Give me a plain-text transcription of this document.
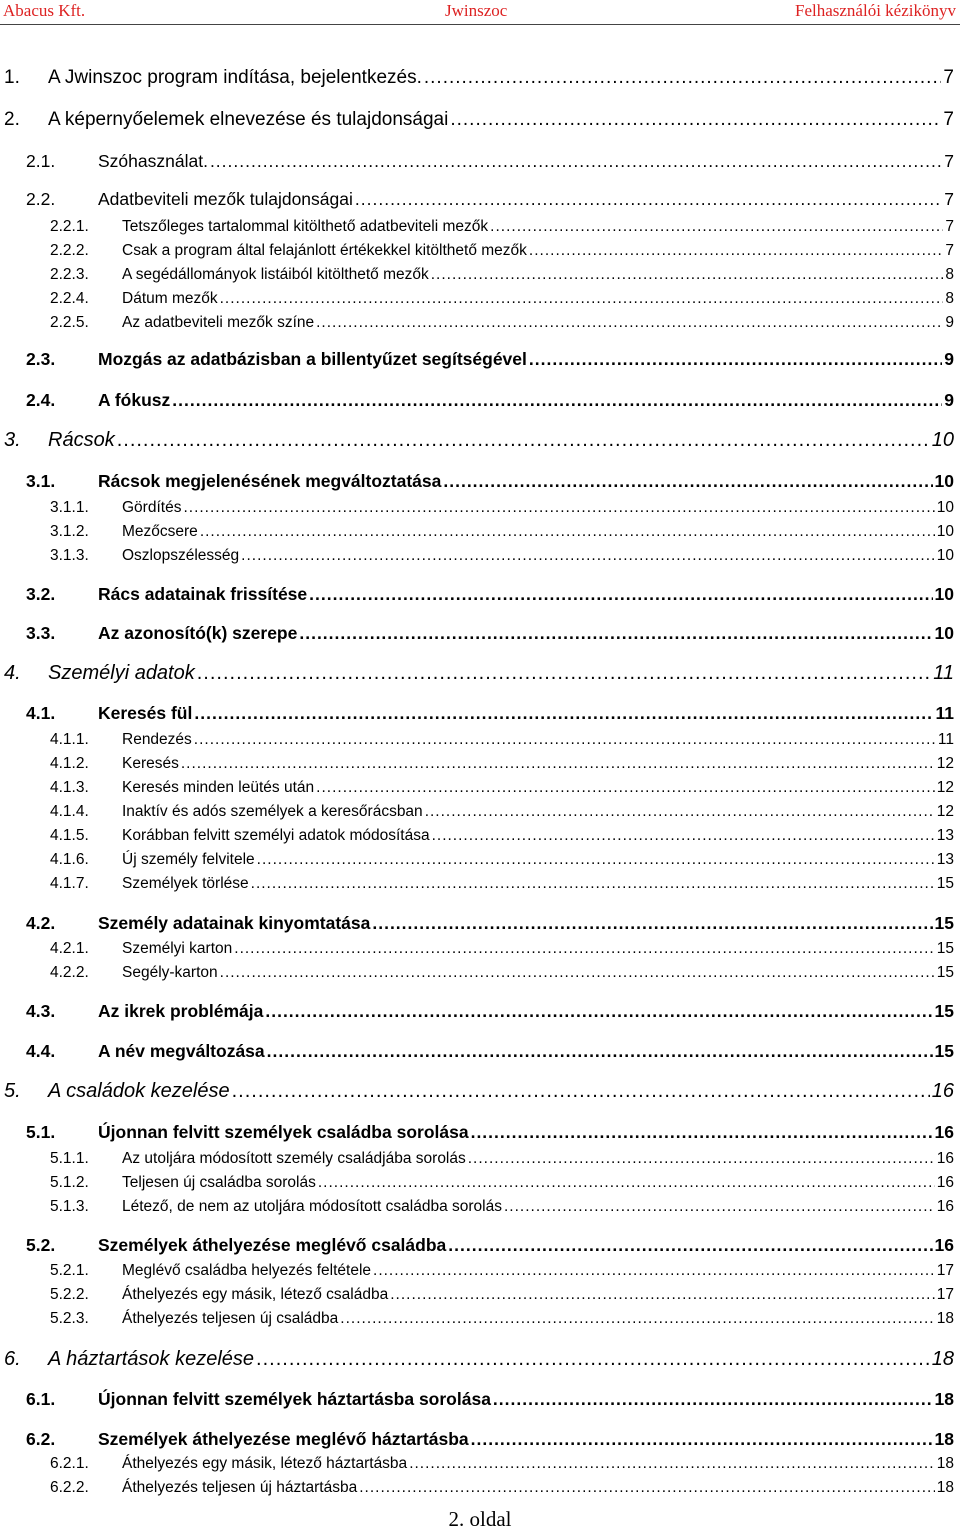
Abacus Kft.	Jwinszoc	Felhasználói kézikönyv
1. A Jwinszoc program indítása, bejelentkezés. .....	7
2. A képernyőelemek elnevezése és tulajdonságai .....	7
2.1. Szóhasználat. .....	7
2.2. Adatbeviteli mezők tulajdonságai .....	7
2.2.1. Tetszőleges tartalommal kitölthető adatbeviteli mezők .....	7
2.2.2. Csak a program által felajánlott értékekkel kitölthető mezők .....	7
2.2.3. A segédállományok listáiból kitölthető mezők .....	8
2.2.4. Dátum mezők .....	8
2.2.5. Az adatbeviteli mezők színe .....	9
2.3. Mozgás az adatbázisban a billentyűzet segítségével .....	9
2.4. A fókusz .....	9
3. Rácsok .....	10
3.1. Rácsok megjelenésének megváltoztatása .....	10
3.1.1. Gördítés .....	10
3.1.2. Mezőcsere .....	10
3.1.3. Oszlopszélesség .....	10
3.2. Rács adatainak frissítése .....	10
3.3. Az azonosító(k) szerepe .....	10
4. Személyi adatok .....	11
4.1. Keresés fül .....	11
4.1.1. Rendezés .....	11
4.1.2. Keresés .....	12
4.1.3. Keresés minden leütés után .....	12
4.1.4. Inaktív és adós személyek a keresőrácsban .....	12
4.1.5. Korábban felvitt személyi adatok módosítása .....	13
4.1.6. Új személy felvitele .....	13
4.1.7. Személyek törlése .....	15
4.2. Személy adatainak kinyomtatása .....	15
4.2.1. Személyi karton .....	15
4.2.2. Segély-karton .....	15
4.3. Az ikrek problémája .....	15
4.4. A név megváltozása .....	15
5. A családok kezelése .....	16
5.1. Újonnan felvitt személyek családba sorolása .....	16
5.1.1. Az utoljára módosított személy családjába sorolás .....	16
5.1.2. Teljesen új családba sorolás .....	16
5.1.3. Létező, de nem az utoljára módosított családba sorolás .....	16
5.2. Személyek áthelyezése meglévő családba .....	16
5.2.1. Meglévő családba helyezés feltétele .....	17
5.2.2. Áthelyezés egy másik, létező családba .....	17
5.2.3. Áthelyezés teljesen új családba .....	18
6. A háztartások kezelése .....	18
6.1. Újonnan felvitt személyek háztartásba sorolása .....	18
6.2. Személyek áthelyezése meglévő háztartásba .....	18
6.2.1. Áthelyezés egy másik, létező háztartásba .....	18
6.2.2. Áthelyezés teljesen új háztartásba .....	18
2. oldal
